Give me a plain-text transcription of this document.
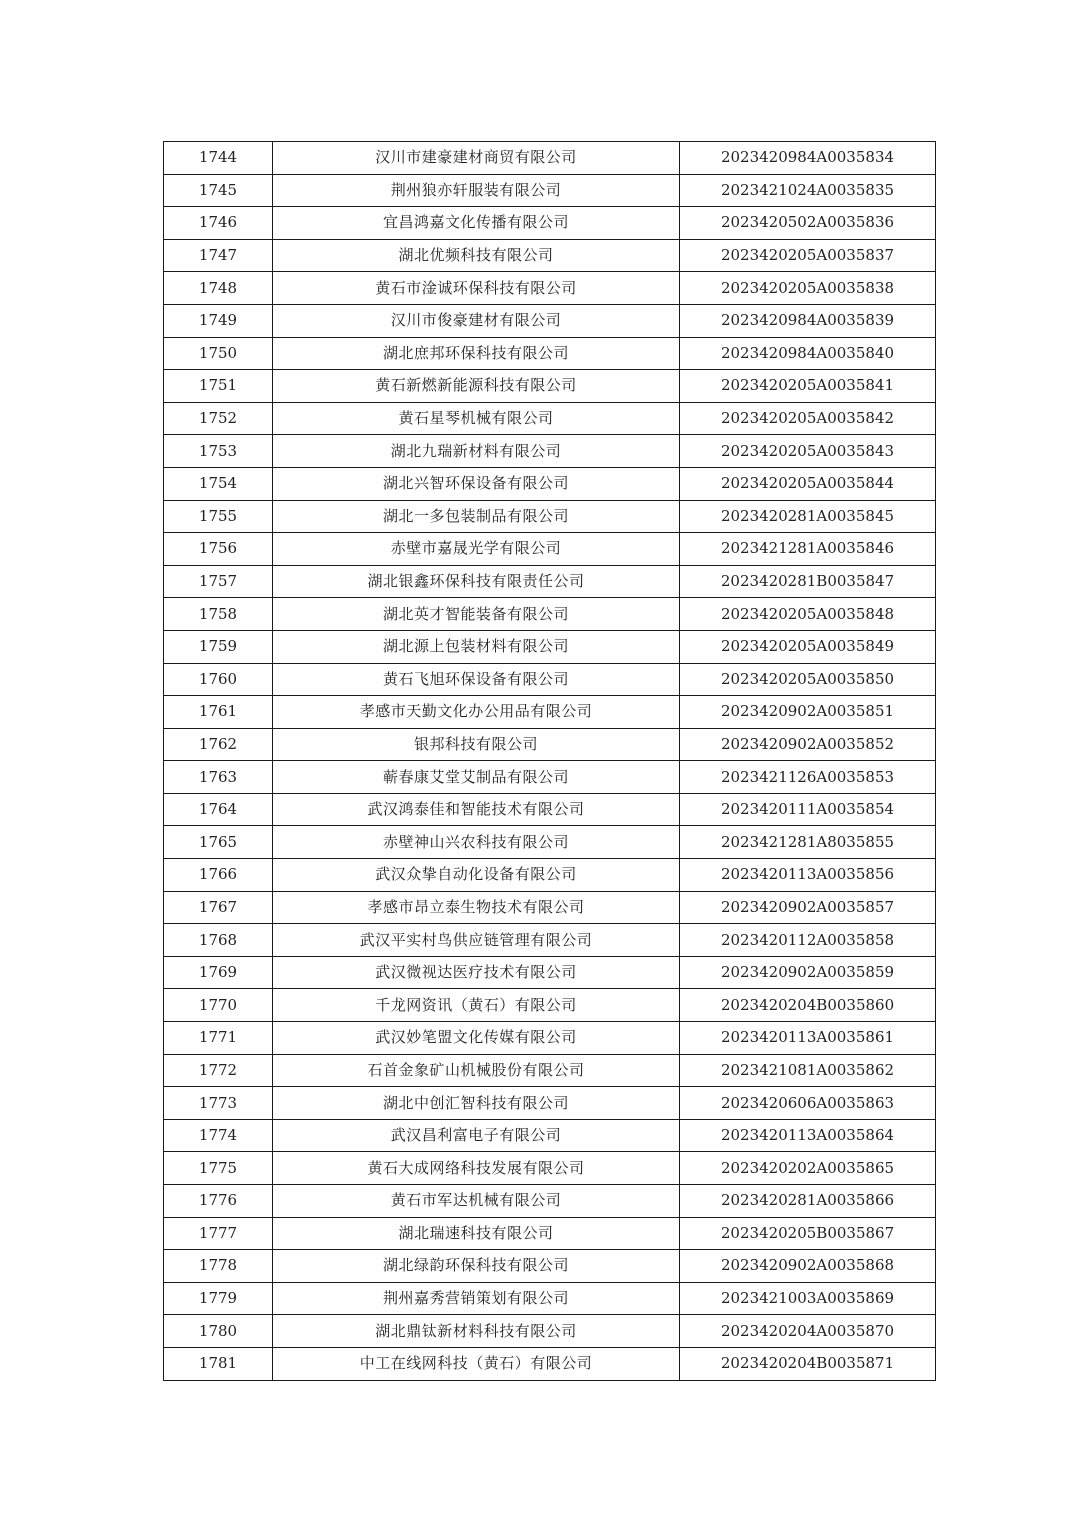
1744	汉川市建豪建材商贸有限公司	2023420984A0035834
1745	荆州狼亦轩服装有限公司	2023421024A0035835
1746	宜昌鸿嘉文化传播有限公司	2023420502A0035836
1747	湖北优频科技有限公司	2023420205A0035837
1748	黄石市淦诚环保科技有限公司	2023420205A0035838
1749	汉川市俊豪建材有限公司	2023420984A0035839
1750	湖北庶邦环保科技有限公司	2023420984A0035840
1751	黄石新燃新能源科技有限公司	2023420205A0035841
1752	黄石星琴机械有限公司	2023420205A0035842
1753	湖北九瑞新材料有限公司	2023420205A0035843
1754	湖北兴智环保设备有限公司	2023420205A0035844
1755	湖北一多包装制品有限公司	2023420281A0035845
1756	赤壁市嘉晟光学有限公司	2023421281A0035846
1757	湖北银鑫环保科技有限责任公司	2023420281B0035847
1758	湖北英才智能装备有限公司	2023420205A0035848
1759	湖北源上包装材料有限公司	2023420205A0035849
1760	黄石飞旭环保设备有限公司	2023420205A0035850
1761	孝感市天勤文化办公用品有限公司	2023420902A0035851
1762	银邦科技有限公司	2023420902A0035852
1763	蕲春康艾堂艾制品有限公司	2023421126A0035853
1764	武汉鸿泰佳和智能技术有限公司	2023420111A0035854
1765	赤壁神山兴农科技有限公司	2023421281A8035855
1766	武汉众挚自动化设备有限公司	2023420113A0035856
1767	孝感市昂立泰生物技术有限公司	2023420902A0035857
1768	武汉平实村鸟供应链管理有限公司	2023420112A0035858
1769	武汉微视达医疗技术有限公司	2023420902A0035859
1770	千龙网资讯（黄石）有限公司	2023420204B0035860
1771	武汉妙笔盟文化传媒有限公司	2023420113A0035861
1772	石首金象矿山机械股份有限公司	2023421081A0035862
1773	湖北中创汇智科技有限公司	2023420606A0035863
1774	武汉昌利富电子有限公司	2023420113A0035864
1775	黄石大成网络科技发展有限公司	2023420202A0035865
1776	黄石市军达机械有限公司	2023420281A0035866
1777	湖北瑞速科技有限公司	2023420205B0035867
1778	湖北绿韵环保科技有限公司	2023420902A0035868
1779	荆州嘉秀营销策划有限公司	2023421003A0035869
1780	湖北鼎钛新材料科技有限公司	2023420204A0035870
1781	中工在线网科技（黄石）有限公司	2023420204B0035871
